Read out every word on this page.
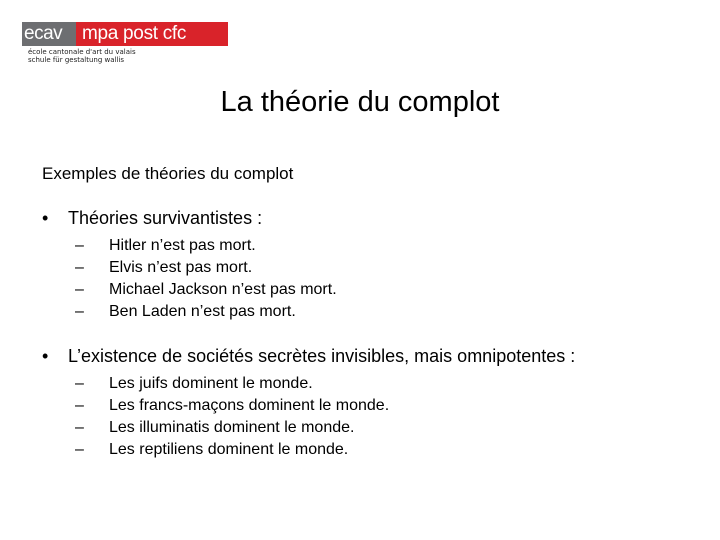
ecav	mpa post cfc
école cantonale d'art du valais
schule für gestaltung wallis
La théorie du complot
Exemples de théories du complot
•	Théories survivantistes :
–	Hitler n’est pas mort.
–	Elvis n’est pas mort.
–	Michael Jackson n’est pas mort.
–	Ben Laden n’est pas mort.
•	L’existence de sociétés secrètes invisibles, mais omnipotentes :
–	Les juifs dominent le monde.
–	Les francs-maçons dominent le monde.
–	Les illuminatis dominent le monde.
–	Les reptiliens dominent le monde.
